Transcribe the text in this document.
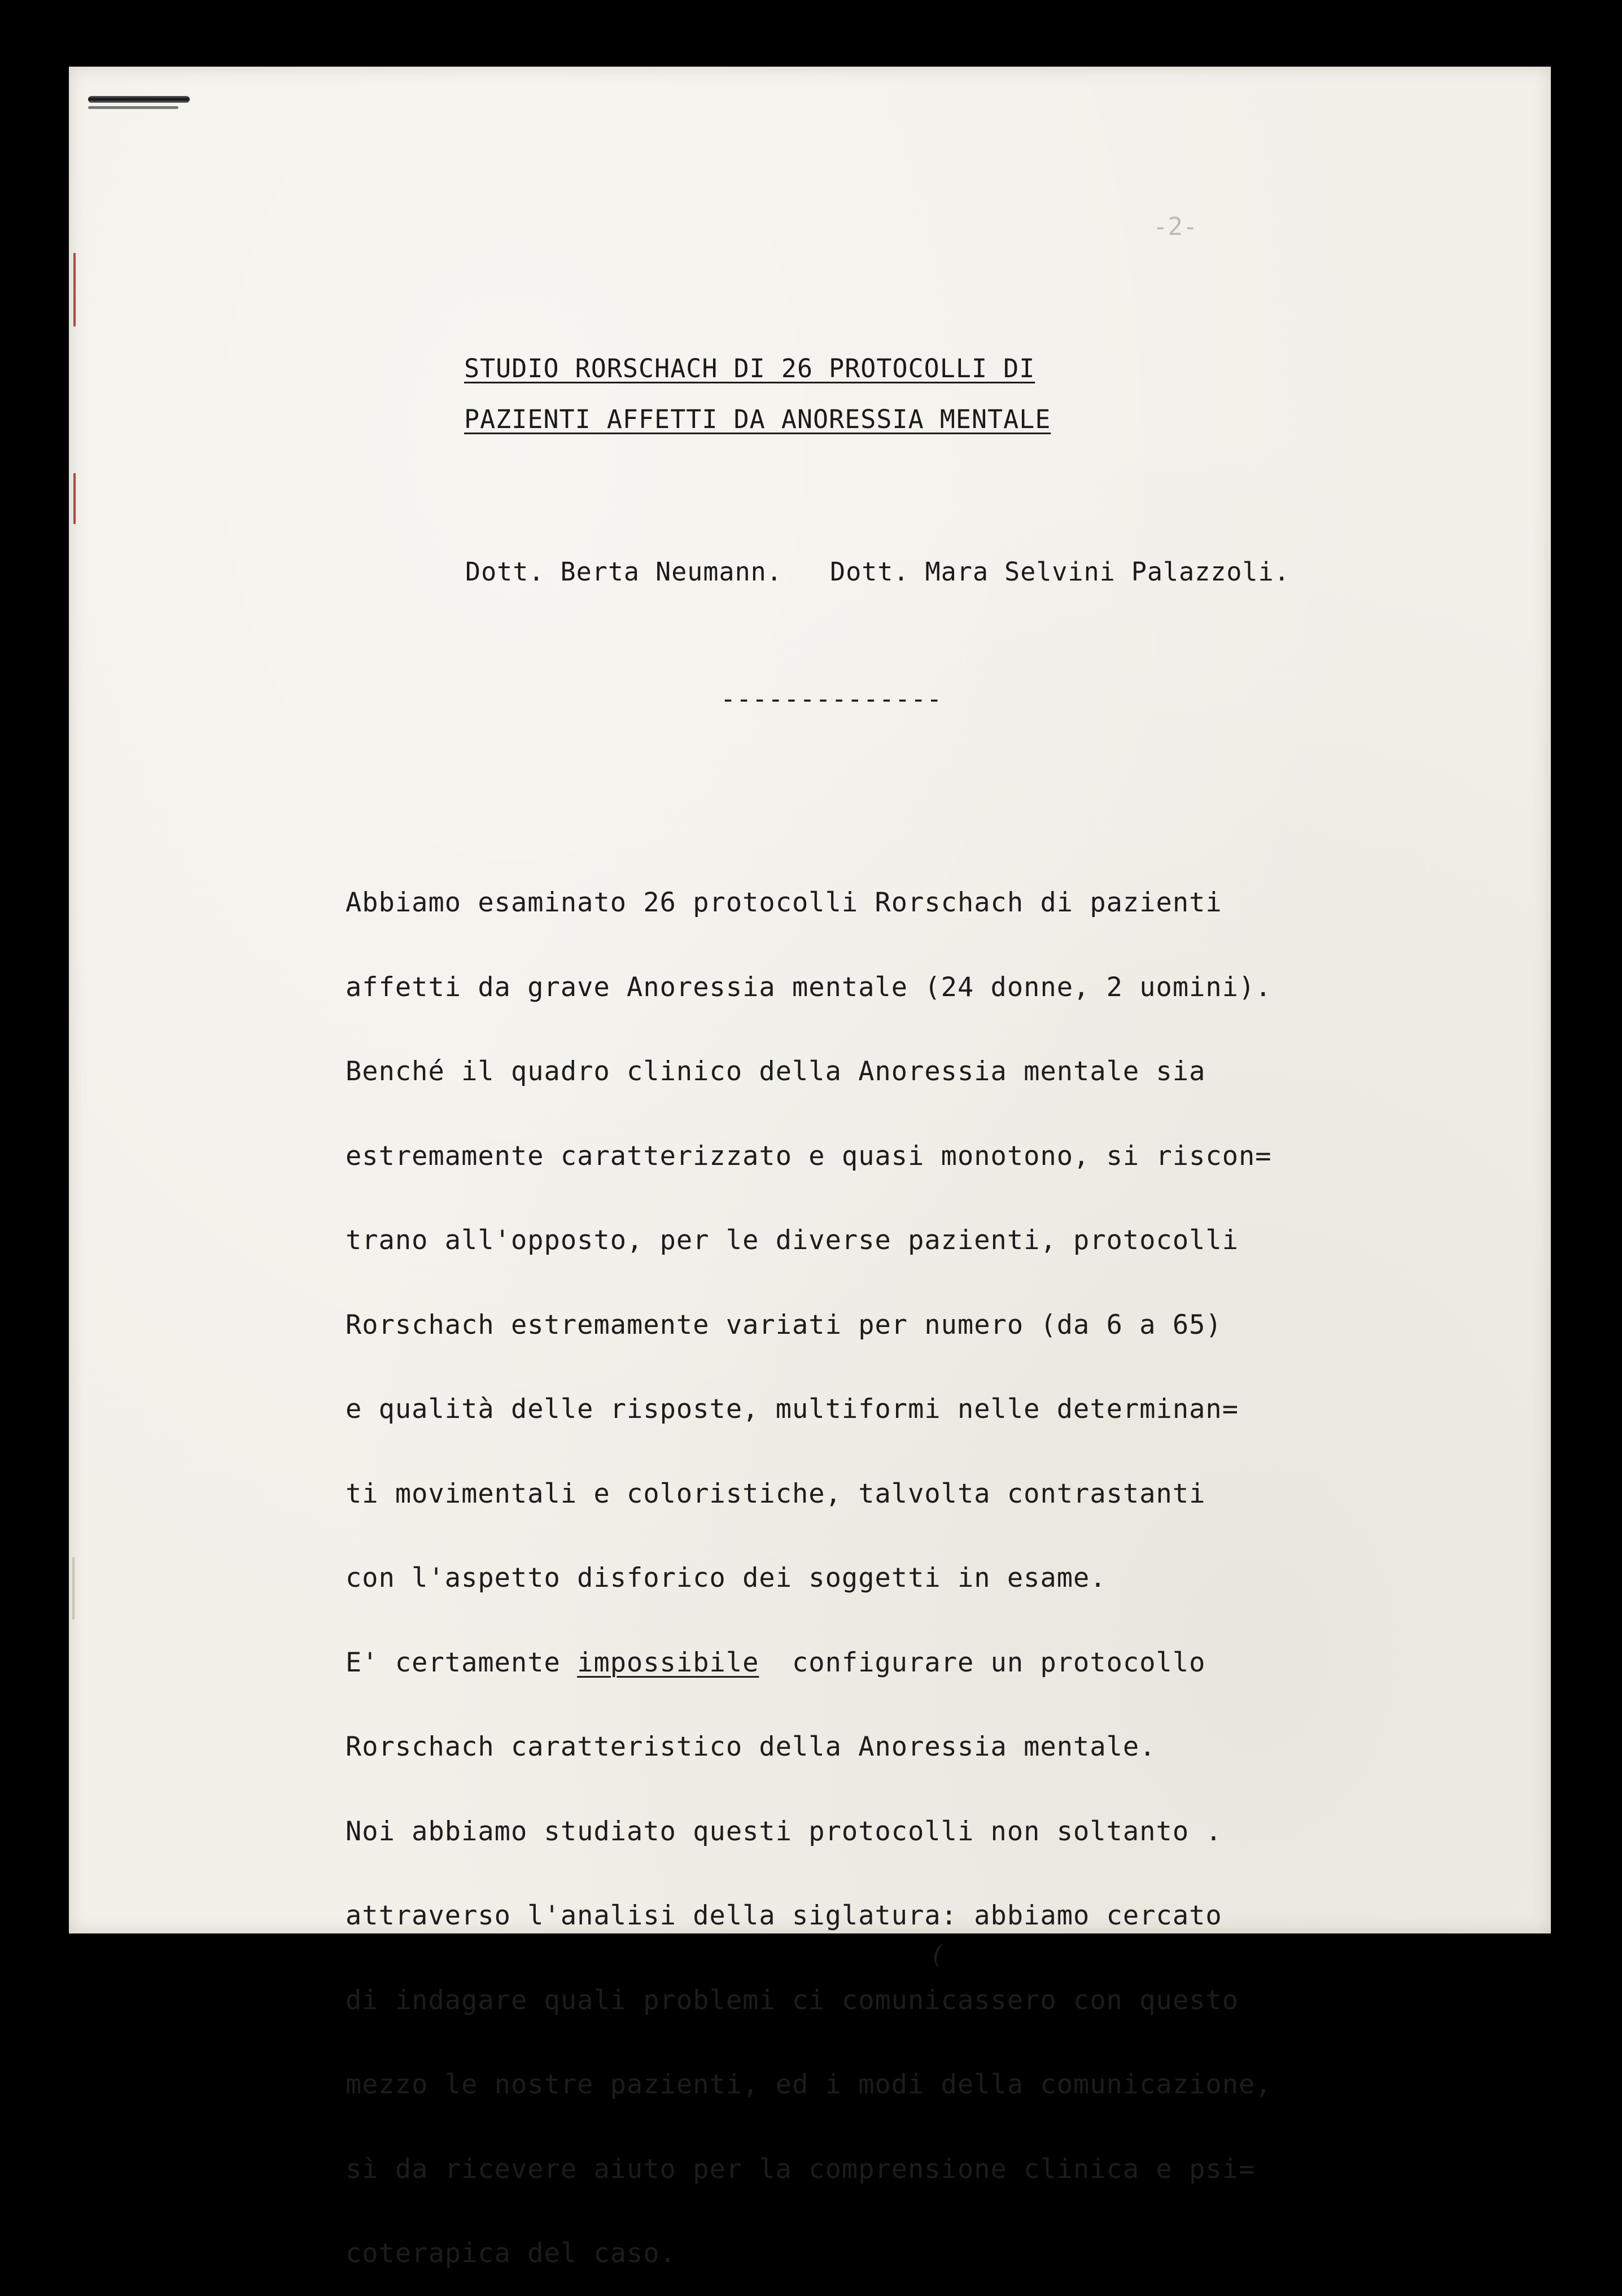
-2-
STUDIO RORSCHACH DI 26 PROTOCOLLI DI
PAZIENTI AFFETTI DA ANORESSIA MENTALE
Dott. Berta Neumann.   Dott. Mara Selvini Palazzoli.
--------------
Abbiamo esaminato 26 protocolli Rorschach di pazienti
affetti da grave Anoressia mentale (24 donne, 2 uomini).
Benché il quadro clinico della Anoressia mentale sia
estremamente caratterizzato e quasi monotono, si riscon=
trano all'opposto, per le diverse pazienti, protocolli
Rorschach estremamente variati per numero (da 6 a 65)
e qualità delle risposte, multiformi nelle determinan=
ti movimentali e coloristiche, talvolta contrastanti
con l'aspetto disforico dei soggetti in esame.
E' certamente impossibile  configurare un protocollo
Rorschach caratteristico della Anoressia mentale.
Noi abbiamo studiato questi protocolli non soltanto .
attraverso l'analisi della siglatura: abbiamo cercato
di indagare quali problemi ci comunicassero con questo
mezzo le nostre pazienti, ed i modi della comunicazione,
sì da ricevere aiuto per la comprensione clinica e psi=
coterapica del caso.
(
